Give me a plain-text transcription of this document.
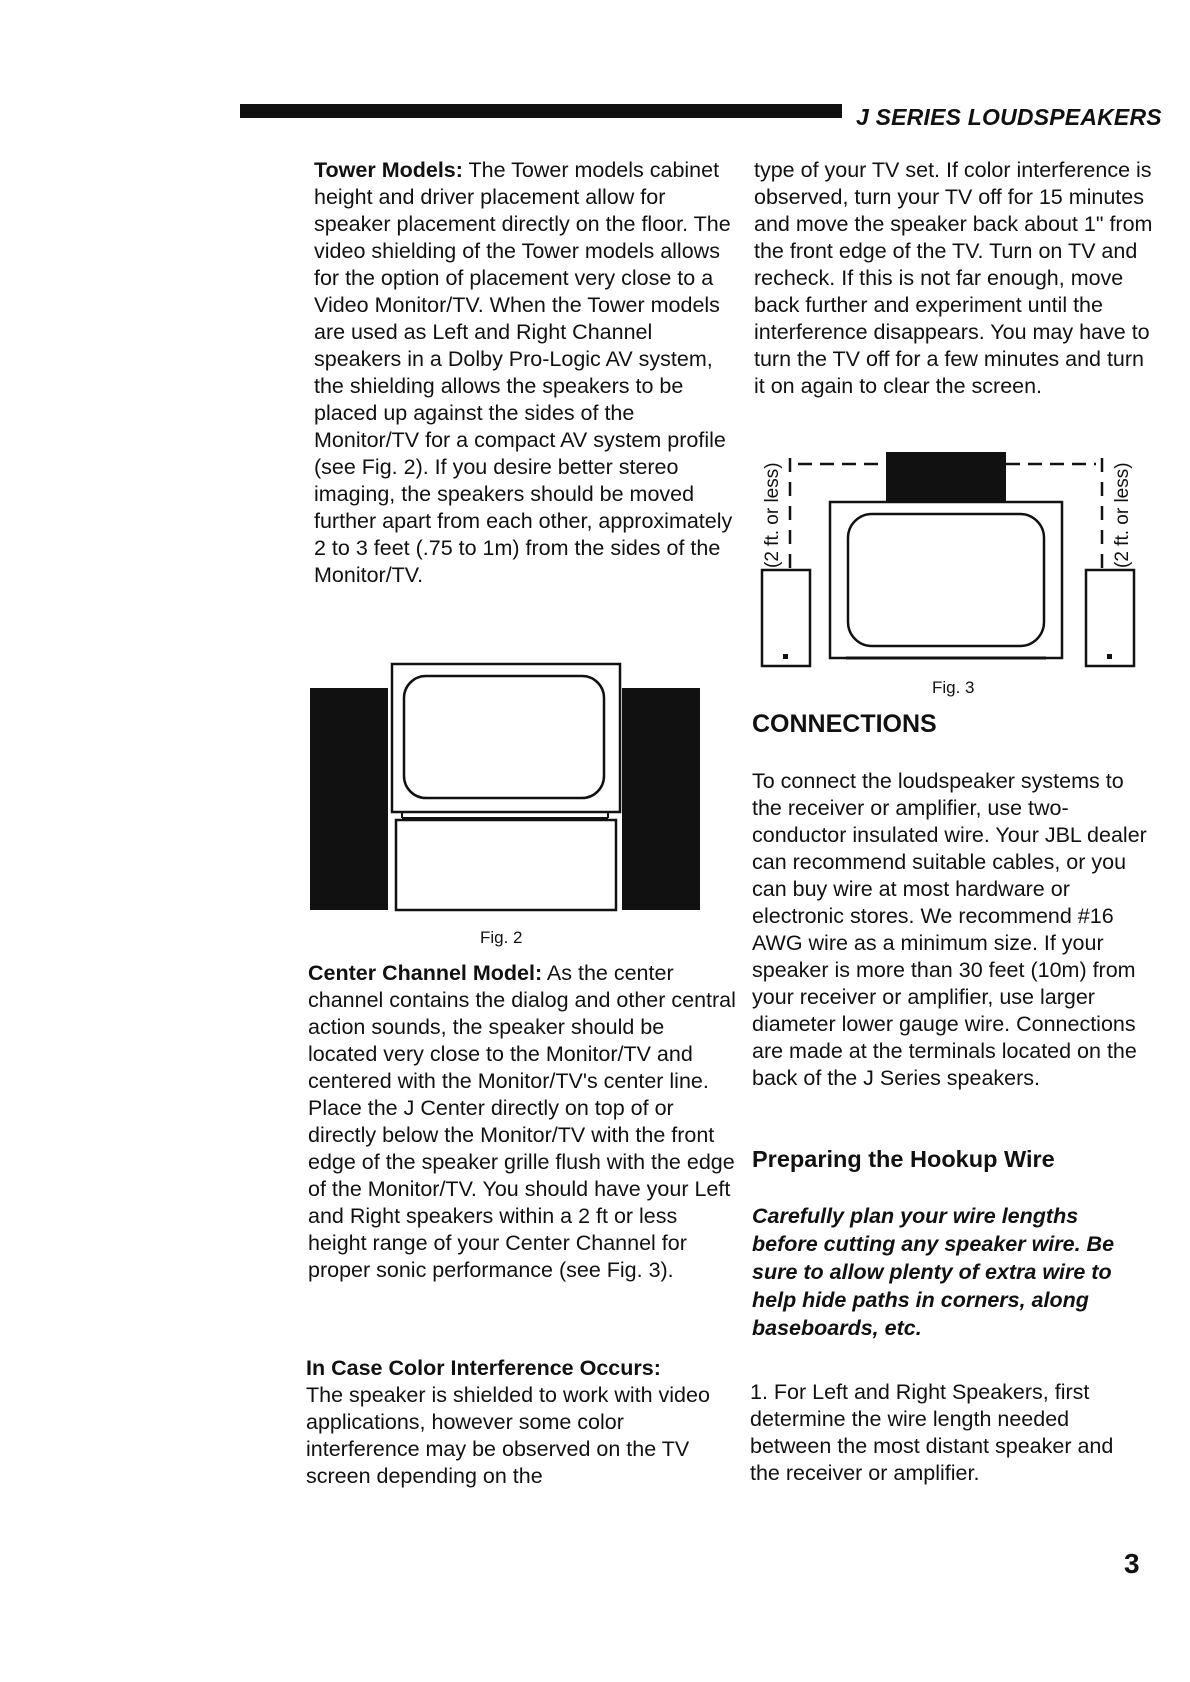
J SERIES LOUDSPEAKERS

Tower Models: The Tower models cabinet height and driver placement allow for speaker placement directly on the floor. The video shielding of the Tower models allows for the option of placement very close to a Video Monitor/TV. When the Tower models are used as Left and Right Channel speakers in a Dolby Pro-Logic AV system, the shielding allows the speakers to be placed up against the sides of the Monitor/TV for a compact AV system profile (see Fig. 2). If you desire better stereo imaging, the speakers should be moved further apart from each other, approximately 2 to 3 feet (.75 to 1m) from the sides of the Monitor/TV.

Fig. 2

Center Channel Model: As the center channel contains the dialog and other central action sounds, the speaker should be located very close to the Monitor/TV and centered with the Monitor/TV's center line. Place the J Center directly on top of or directly below the Monitor/TV with the front edge of the speaker grille flush with the edge of the Monitor/TV. You should have your Left and Right speakers within a 2 ft or less height range of your Center Channel for proper sonic performance (see Fig. 3).

In Case Color Interference Occurs:
The speaker is shielded to work with video applications, however some color interference may be observed on the TV screen depending on the

type of your TV set. If color interference is observed, turn your TV off for 15 minutes and move the speaker back about 1" from the front edge of the TV. Turn on TV and recheck. If this is not far enough, move back further and experiment until the interference disappears. You may have to turn the TV off for a few minutes and turn it on again to clear the screen.

(2 ft. or less)	(2 ft. or less)
Fig. 3
CONNECTIONS

To connect the loudspeaker systems to the receiver or amplifier, use two-conductor insulated wire. Your JBL dealer can recommend suitable cables, or you can buy wire at most hardware or electronic stores. We recommend #16 AWG wire as a minimum size. If your speaker is more than 30 feet (10m) from your receiver or amplifier, use larger diameter lower gauge wire. Connections are made at the terminals located on the back of the J Series speakers.

Preparing the Hookup Wire

Carefully plan your wire lengths before cutting any speaker wire. Be sure to allow plenty of extra wire to help hide paths in corners, along baseboards, etc.

1. For Left and Right Speakers, first determine the wire length needed between the most distant speaker and the receiver or amplifier.

3
